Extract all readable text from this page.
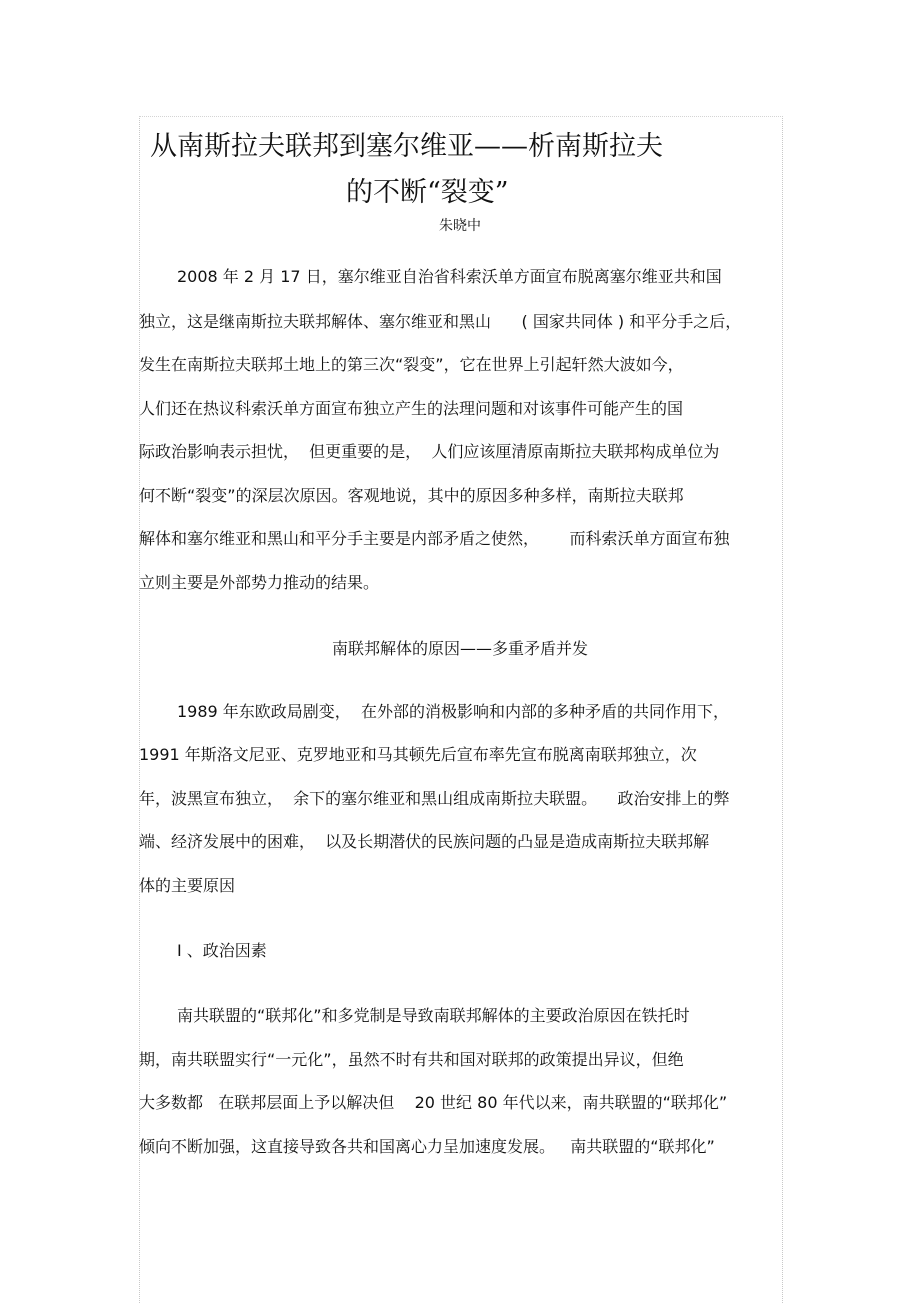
从南斯拉夫联邦到塞尔维亚——析南斯拉夫
的不断“裂变”
朱晓中
2008 年 2 月 17 日，塞尔维亚自治省科索沃单方面宣布脱离塞尔维亚共和国
独立，这是继南斯拉夫联邦解体、塞尔维亚和黑山      ( 国家共同体 ) 和平分手之后，
发生在南斯拉夫联邦土地上的第三次“裂变”，它在世界上引起轩然大波如今，
人们还在热议科索沃单方面宣布独立产生的法理问题和对该事件可能产生的国
际政治影响表示担忧，  但更重要的是，  人们应该厘清原南斯拉夫联邦构成单位为
何不断“裂变”的深层次原因。客观地说，其中的原因多种多样，南斯拉夫联邦
解体和塞尔维亚和黑山和平分手主要是内部矛盾之使然，      而科索沃单方面宣布独
立则主要是外部势力推动的结果。
南联邦解体的原因——多重矛盾并发
1989 年东欧政局剧变，  在外部的消极影响和内部的多种矛盾的共同作用下，
1991 年斯洛文尼亚、克罗地亚和马其顿先后宣布率先宣布脱离南联邦独立，次
年，波黑宣布独立，  余下的塞尔维亚和黑山组成南斯拉夫联盟。    政治安排上的弊
端、经济发展中的困难，  以及长期潜伏的民族问题的凸显是造成南斯拉夫联邦解
体的主要原因
I 、政治因素
南共联盟的“联邦化”和多党制是导致南联邦解体的主要政治原因在铁托时
期，南共联盟实行“一元化”，虽然不时有共和国对联邦的政策提出异议，但绝
大多数都   在联邦层面上予以解决但    20 世纪 80 年代以来，南共联盟的“联邦化”
倾向不断加强，这直接导致各共和国离心力呈加速度发展。   南共联盟的“联邦化”
